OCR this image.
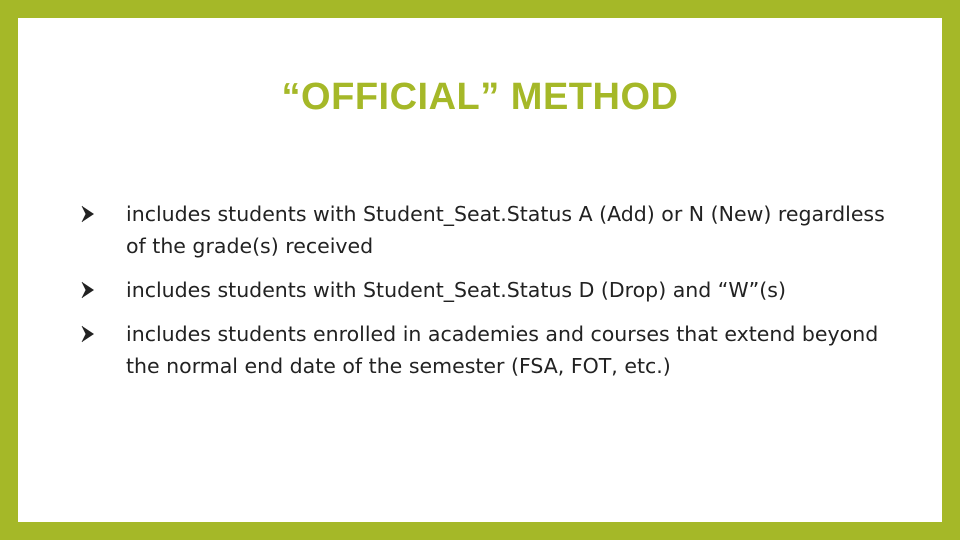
“OFFICIAL” METHOD
includes students with Student_Seat.Status A (Add) or N (New) regardless of the grade(s) received
includes students with Student_Seat.Status D (Drop) and “W”(s)
includes students enrolled in academies and courses that extend beyond the normal end date of the semester (FSA, FOT, etc.)
